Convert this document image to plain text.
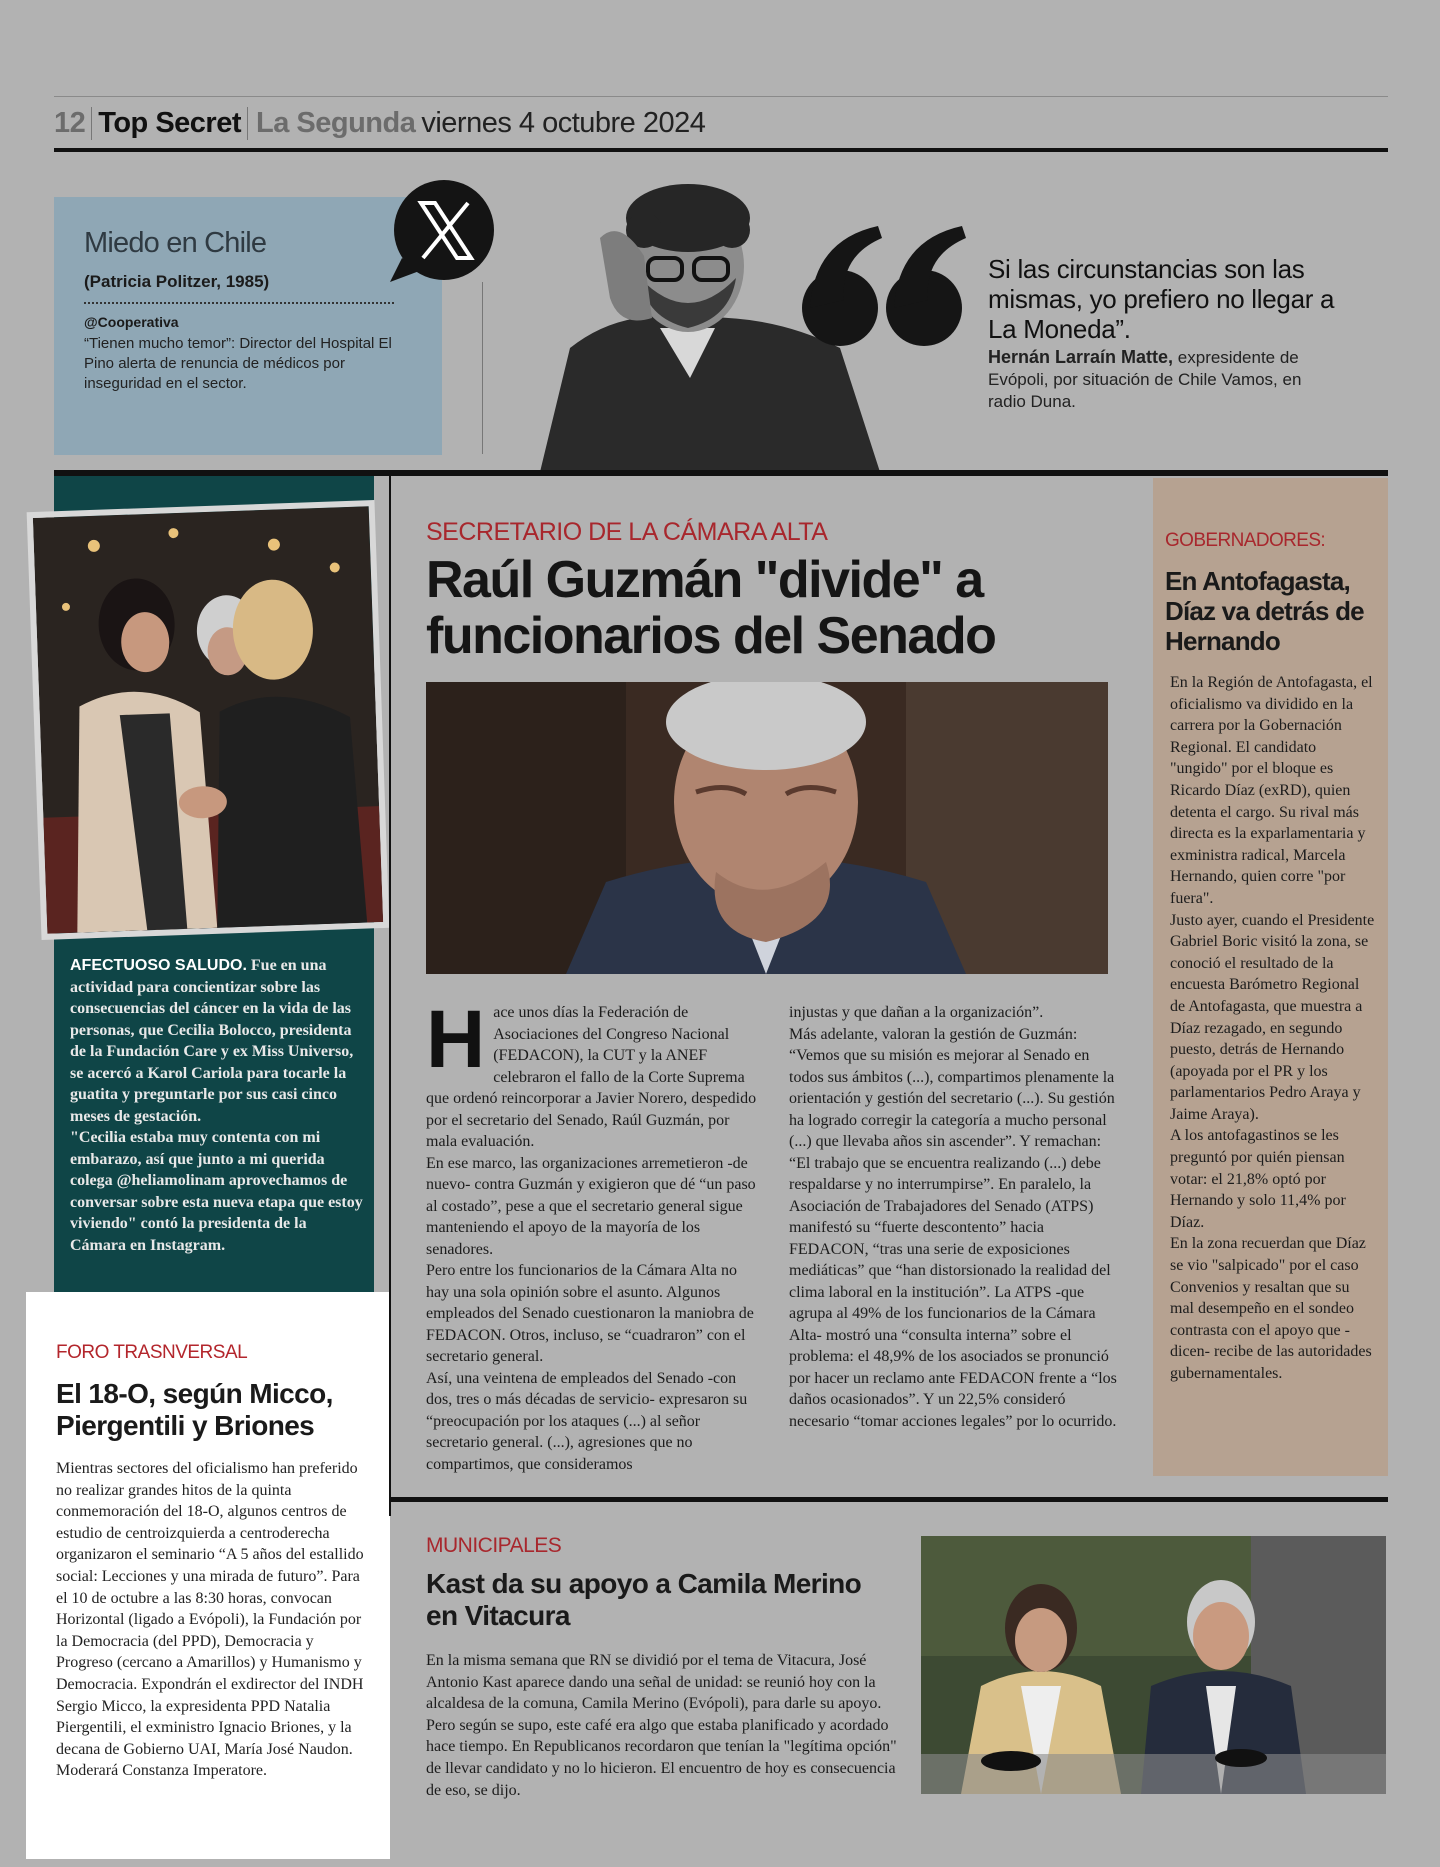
12 Top Secret La Segunda viernes 4 octubre 2024
Miedo en Chile
(Patricia Politzer, 1985)
@Cooperativa
“Tienen mucho temor”: Director del Hospital El Pino alerta de renuncia de médicos por inseguridad en el sector.
Si las circunstancias son las mismas, yo prefiero no llegar a La Moneda”.
Hernán Larraín Matte, expresidente de Evópoli, por situación de Chile Vamos, en radio Duna.

AFECTUOSO SALUDO. Fue en una actividad para concientizar sobre las consecuencias del cáncer en la vida de las personas, que Cecilia Bolocco, presidenta de la Fundación Care y ex Miss Universo, se acercó a Karol Cariola para tocarle la guatita y preguntarle por sus casi cinco meses de gestación.

"Cecilia estaba muy contenta con mi embarazo, así que junto a mi querida colega @heliamolinam aprovechamos de conversar sobre esta nueva etapa que estoy viviendo" contó la presidenta de la Cámara en Instagram.

FORO TRASNVERSAL
El 18-O, según Micco, Piergentili y Briones
Mientras sectores del oficialismo han preferido no realizar grandes hitos de la quinta conmemoración del 18-O, algunos centros de estudio de centroizquierda a centroderecha organizaron el seminario “A 5 años del estallido social: Lecciones y una mirada de futuro”. Para el 10 de octubre a las 8:30 horas, convocan Horizontal (ligado a Evópoli), la Fundación por la Democracia (del PPD), Democracia y Progreso (cercano a Amarillos) y Humanismo y Democracia. Expondrán el exdirector del INDH Sergio Micco, la expresidenta PPD Natalia Piergentili, el exministro Ignacio Briones, y la decana de Gobierno UAI, María José Naudon. Moderará Constanza Imperatore.
SECRETARIO DE LA CÁMARA ALTA
Raúl Guzmán "divide" a funcionarios del Senado
H ace unos días la Federación de Asociaciones del Congreso Nacional (FEDACON), la CUT y la ANEF celebraron el fallo de la Corte Suprema que ordenó reincorporar a Javier Norero, despedido por el secretario del Senado, Raúl Guzmán, por mala evaluación.

En ese marco, las organizaciones arremetieron -de nuevo- contra Guzmán y exigieron que dé “un paso al costado”, pese a que el secretario general sigue manteniendo el apoyo de la mayoría de los senadores.

Pero entre los funcionarios de la Cámara Alta no hay una sola opinión sobre el asunto. Algunos empleados del Senado cuestionaron la maniobra de FEDACON. Otros, incluso, se “cuadraron” con el secretario general.

Así, una veintena de empleados del Senado -con dos, tres o más décadas de servicio- expresaron su “preocupación por los ataques (...) al señor secretario general. (...), agresiones que no compartimos, que consideramos

injustas y que dañan a la organización”.

Más adelante, valoran la gestión de Guzmán: “Vemos que su misión es mejorar al Senado en todos sus ámbitos (...), compartimos plenamente la orientación y gestión del secretario (...). Su gestión ha logrado corregir la categoría a mucho personal (...) que llevaba años sin ascender”. Y remachan: “El trabajo que se encuentra realizando (...) debe respaldarse y no interrumpirse”. En paralelo, la Asociación de Trabajadores del Senado (ATPS) manifestó su “fuerte descontento” hacia FEDACON, “tras una serie de exposiciones mediáticas” que “han distorsionado la realidad del clima laboral en la institución”. La ATPS -que agrupa al 49% de los funcionarios de la Cámara Alta- mostró una “consulta interna” sobre el problema: el 48,9% de los asociados se pronunció por hacer un reclamo ante FEDACON frente a “los daños ocasionados”. Y un 22,5% consideró necesario “tomar acciones legales” por lo ocurrido.

GOBERNADORES:
En Antofagasta, Díaz va detrás de Hernando

En la Región de Antofagasta, el oficialismo va dividido en la carrera por la Gobernación Regional. El candidato "ungido" por el bloque es Ricardo Díaz (exRD), quien detenta el cargo. Su rival más directa es la exparlamentaria y exministra radical, Marcela Hernando, quien corre "por fuera".

Justo ayer, cuando el Presidente Gabriel Boric visitó la zona, se conoció el resultado de la encuesta Barómetro Regional de Antofagasta, que muestra a Díaz rezagado, en segundo puesto, detrás de Hernando (apoyada por el PR y los parlamentarios Pedro Araya y Jaime Araya).

A los antofagastinos se les preguntó por quién piensan votar: el 21,8% optó por Hernando y solo 11,4% por Díaz.

En la zona recuerdan que Díaz se vio "salpicado" por el caso Convenios y resaltan que su mal desempeño en el sondeo contrasta con el apoyo que -dicen- recibe de las autoridades gubernamentales.

MUNICIPALES
Kast da su apoyo a Camila Merino en Vitacura
En la misma semana que RN se dividió por el tema de Vitacura, José Antonio Kast aparece dando una señal de unidad: se reunió hoy con la alcaldesa de la comuna, Camila Merino (Evópoli), para darle su apoyo. Pero según se supo, este café era algo que estaba planificado y acordado hace tiempo. En Republicanos recordaron que tenían la "legítima opción" de llevar candidato y no lo hicieron. El encuentro de hoy es consecuencia de eso, se dijo.
